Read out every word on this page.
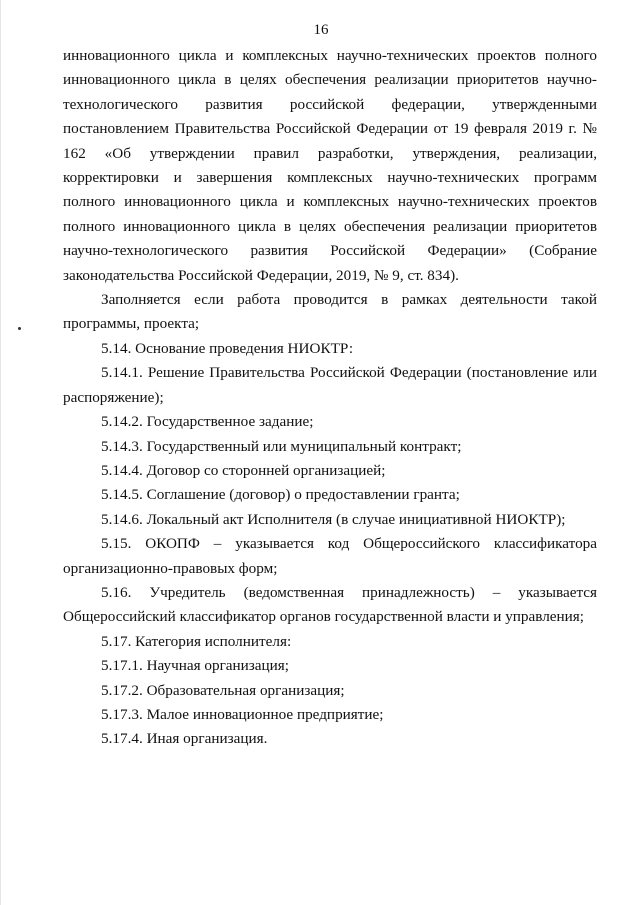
16

инновационного цикла и комплексных научно-технических проектов полного инновационного цикла в целях обеспечения реализации приоритетов научно-технологического развития российской федерации, утвержденными постановлением Правительства Российской Федерации от 19 февраля 2019 г. № 162 «Об утверждении правил разработки, утверждения, реализации, корректировки и завершения комплексных научно-технических программ полного инновационного цикла и комплексных научно-технических проектов полного инновационного цикла в целях обеспечения реализации приоритетов научно-технологического развития Российской Федерации» (Собрание законодательства Российской Федерации, 2019, № 9, ст. 834).

Заполняется если работа проводится в рамках деятельности такой программы, проекта;

5.14. Основание проведения НИОКТР:

5.14.1. Решение Правительства Российской Федерации (постановление или распоряжение);

5.14.2. Государственное задание;

5.14.3. Государственный или муниципальный контракт;

5.14.4. Договор со сторонней организацией;

5.14.5. Соглашение (договор) о предоставлении гранта;

5.14.6. Локальный акт Исполнителя (в случае инициативной НИОКТР);

5.15. ОКОПФ – указывается код Общероссийского классификатора организационно-правовых форм;

5.16. Учредитель (ведомственная принадлежность) – указывается Общероссийский классификатор органов государственной власти и управления;

5.17. Категория исполнителя:

5.17.1. Научная организация;

5.17.2. Образовательная организация;

5.17.3. Малое инновационное предприятие;

5.17.4. Иная организация.
